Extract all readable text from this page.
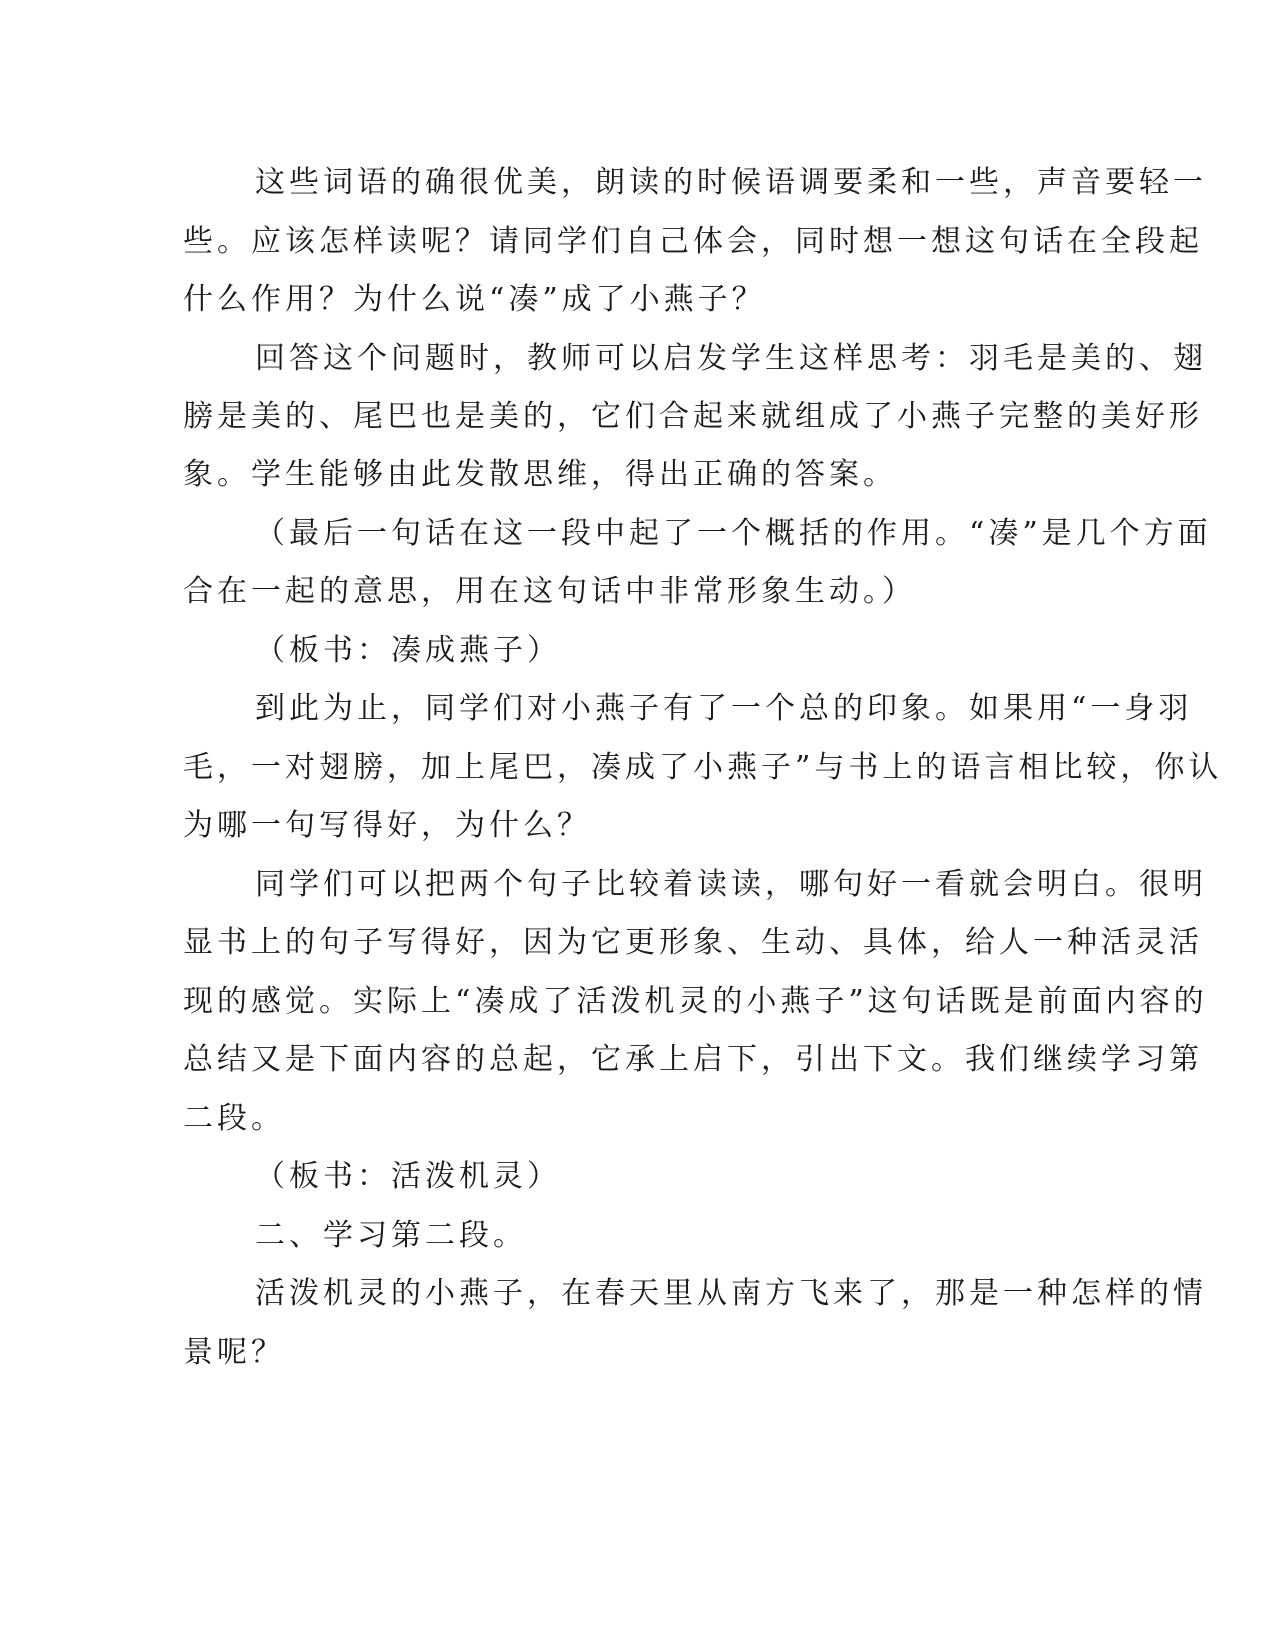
这些词语的确很优美，朗读的时候语调要柔和一些，声音要轻一
些。应该怎样读呢？请同学们自己体会，同时想一想这句话在全段起
什么作用？为什么说“凑”成了小燕子？
回答这个问题时，教师可以启发学生这样思考：羽毛是美的、翅
膀是美的、尾巴也是美的，它们合起来就组成了小燕子完整的美好形
象。学生能够由此发散思维，得出正确的答案。
（最后一句话在这一段中起了一个概括的作用。“凑”是几个方面
合在一起的意思，用在这句话中非常形象生动。）
（板书：凑成燕子）
到此为止，同学们对小燕子有了一个总的印象。如果用“一身羽
毛，一对翅膀，加上尾巴，凑成了小燕子”与书上的语言相比较，你认
为哪一句写得好，为什么？
同学们可以把两个句子比较着读读，哪句好一看就会明白。很明
显书上的句子写得好，因为它更形象、生动、具体，给人一种活灵活
现的感觉。实际上“凑成了活泼机灵的小燕子”这句话既是前面内容的
总结又是下面内容的总起，它承上启下，引出下文。我们继续学习第
二段。
（板书：活泼机灵）
二、学习第二段。
活泼机灵的小燕子，在春天里从南方飞来了，那是一种怎样的情
景呢？
